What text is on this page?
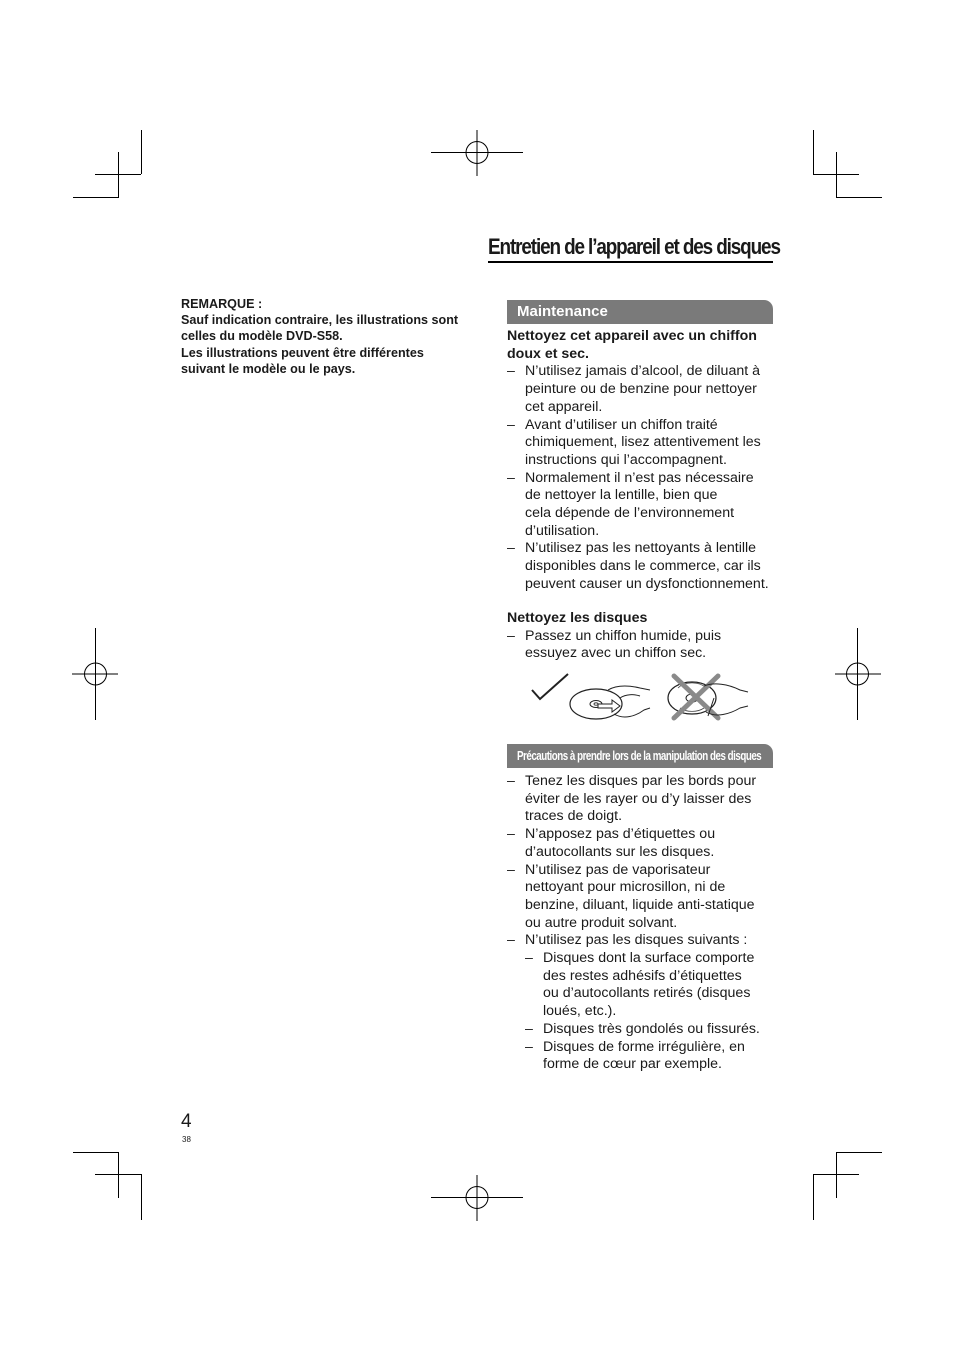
Entretien de l’appareil et des disques
REMARQUE :
Sauf indication contraire, les illustrations sont
celles du modèle DVD-S58.
Les illustrations peuvent être différentes
suivant le modèle ou le pays.
Maintenance
Nettoyez cet appareil avec un chiffon
doux et sec.
– N’utilisez jamais d’alcool, de diluant à
peinture ou de benzine pour nettoyer
cet appareil.
– Avant d’utiliser un chiffon traité
chimiquement, lisez attentivement les
instructions qui l’accompagnent.
– Normalement il n’est pas nécessaire
de nettoyer la lentille, bien que
cela dépende de l’environnement
d’utilisation.
– N’utilisez pas les nettoyants à lentille
disponibles dans le commerce, car ils
peuvent causer un dysfonctionnement.
Nettoyez les disques
– Passez un chiffon humide, puis
essuyez avec un chiffon sec.
Précautions à prendre lors de la manipulation des disques
– Tenez les disques par les bords pour
éviter de les rayer ou d’y laisser des
traces de doigt.
– N’apposez pas d’étiquettes ou
d’autocollants sur les disques.
– N’utilisez pas de vaporisateur
nettoyant pour microsillon, ni de
benzine, diluant, liquide anti-statique
ou autre produit solvant.
– N’utilisez pas les disques suivants :
– Disques dont la surface comporte
des restes adhésifs d’étiquettes
ou d’autocollants retirés (disques
loués, etc.).
– Disques très gondolés ou fissurés.
– Disques de forme irrégulière, en
forme de cœur par exemple.
4
38
